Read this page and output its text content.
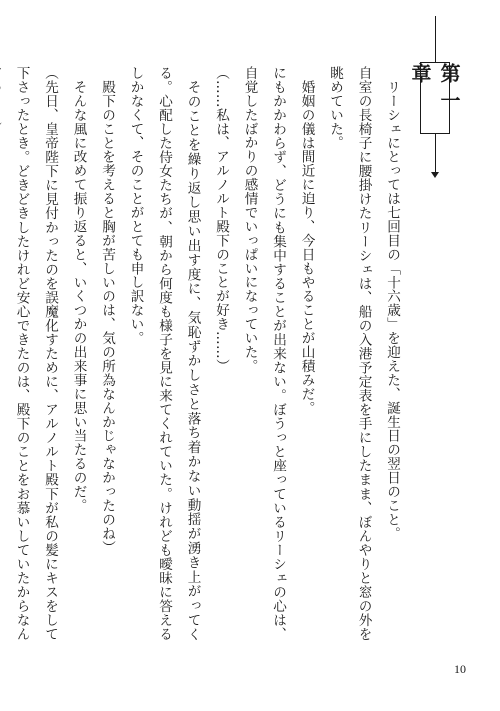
第一章

リーシェにとっては七回目の「十六歳」を迎えた、誕生日の翌日のこと。

自室の長椅子に腰掛けたリーシェは、船の入港予定表を手にしたまま、ぼんやりと窓の外を眺めていた。

婚姻の儀は間近に迫り、今日もやることが山積みだ。

にもかかわらず、どうにも集中することが出来ない。ぼうっと座っているリーシェの心は、自覚したばかりの感情でいっぱいになっていた。

（……私は、アルノルト殿下のことが好き……）

そのことを繰り返し思い出す度に、気恥ずかしさと落ち着かない動揺が湧き上がってくる。心配した侍女たちが、朝から何度も様子を見に来てくれていた。けれども曖昧に答えるしかなくて、そのことがとても申し訳ない。

殿下のことを考えると胸が苦しいのは、気の所為なんかじゃなかったのね）

そんな風に改めて振り返ると、いくつかの出来事に思い当たるのだ。

（先日、皇帝陛下に見付かったのを誤魔化すために、アルノルト殿下が私の髪にキスをして下さったとき。どきどきしたけれど安心できたのは、殿下のことをお慕いしていたからなん

10
